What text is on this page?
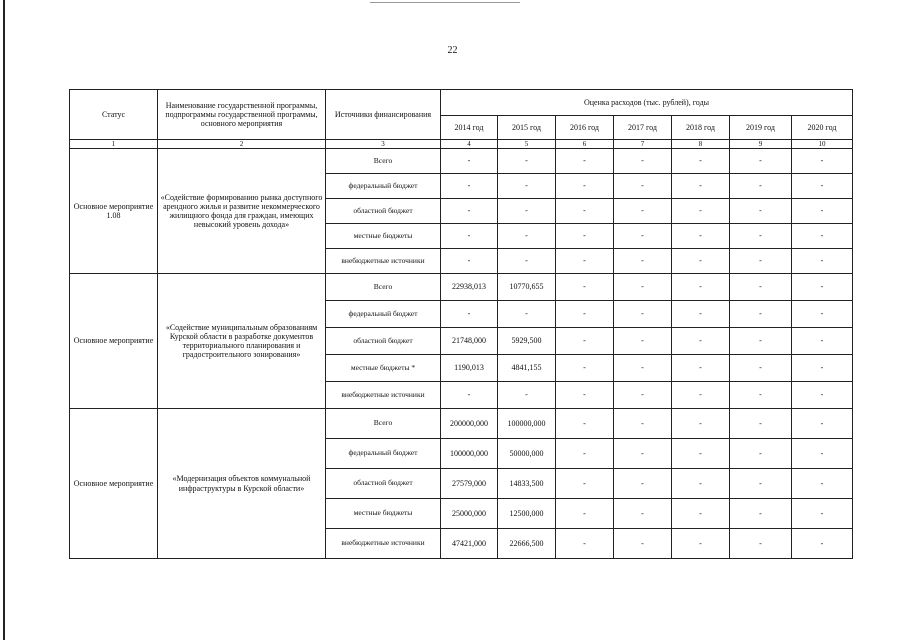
22
Статус	Наименование государственной программы, подпрограммы государственной программы, основного мероприятия	Источники финансирования	Оценка расходов (тыс. рублей), годы						
			2014 год	2015 год	2016 год	2017 год	2018 год	2019 год	2020 год
1	2	3	4	5	6	7	8	9	10
Основное мероприятие 1.08	«Содействие формированию рынка доступного арендного жилья и развитие некоммерческого жилищного фонда для граждан, имеющих невысокий уровень дохода»	Всего	-	-	-	-	-	-	-
		федеральный бюджет	-	-	-	-	-	-	-
		областной бюджет	-	-	-	-	-	-	-
		местные бюджеты	-	-	-	-	-	-	-
		внебюджетные источники	-	-	-	-	-	-	-
Основное мероприятие	«Содействие муниципальным образованиям Курской области в разработке документов территориального планирования и градостроительного зонирования»	Всего	22938,013	10770,655	-	-	-	-	-
		федеральный бюджет	-	-	-	-	-	-	-
		областной бюджет	21748,000	5929,500	-	-	-	-	-
		местные бюджеты *	1190,013	4841,155	-	-	-	-	-
		внебюджетные источники	-	-	-	-	-	-	-
Основное мероприятие	«Модернизация объектов коммунальной инфраструктуры в Курской области»	Всего	200000,000	100000,000	-	-	-	-	-
		федеральный бюджет	100000,000	50000,000	-	-	-	-	-
		областной бюджет	27579,000	14833,500	-	-	-	-	-
		местные бюджеты	25000,000	12500,000	-	-	-	-	-
		внебюджетные источники	47421,000	22666,500	-	-	-	-	-
